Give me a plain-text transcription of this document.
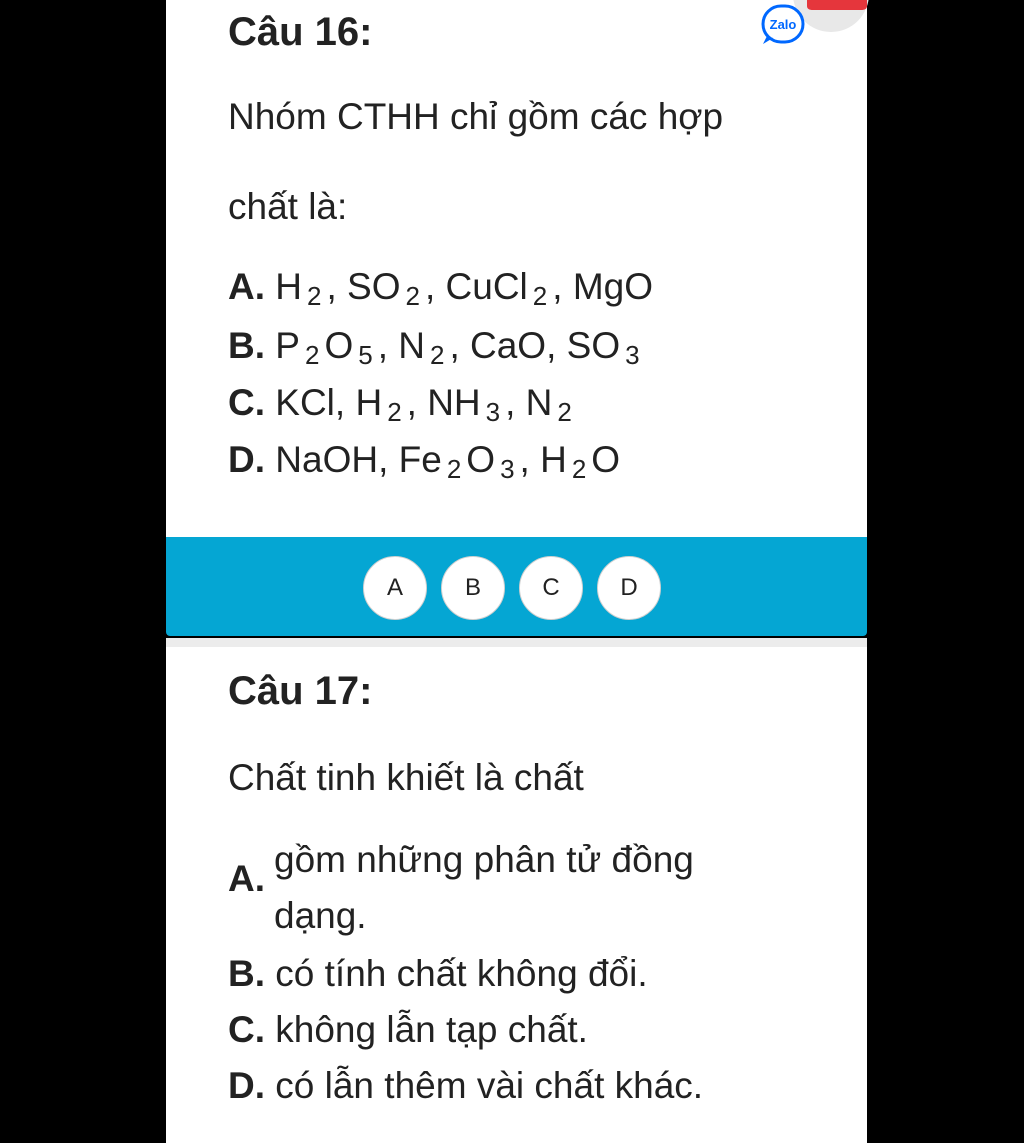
Câu 16:
Nhóm CTHH chỉ gồm các hợp
chất là:
A. H $_2$ , SO $_2$ , CuCl $_2$ , MgO
B. P $_2$ O $_5$ , N $_2$ , CaO, SO $_3$
C. KCl, H $_2$ , NH $_3$ , N $_2$
D. NaOH, Fe $_2$ O $_3$ , H $_2$ O
Zalo
A	B	C	D
Câu 17:
Chất tinh khiết là chất
A. gồm những phân tử đồng
dạng.
B. có tính chất không đổi.
C. không lẫn tạp chất.
D. có lẫn thêm vài chất khác.
